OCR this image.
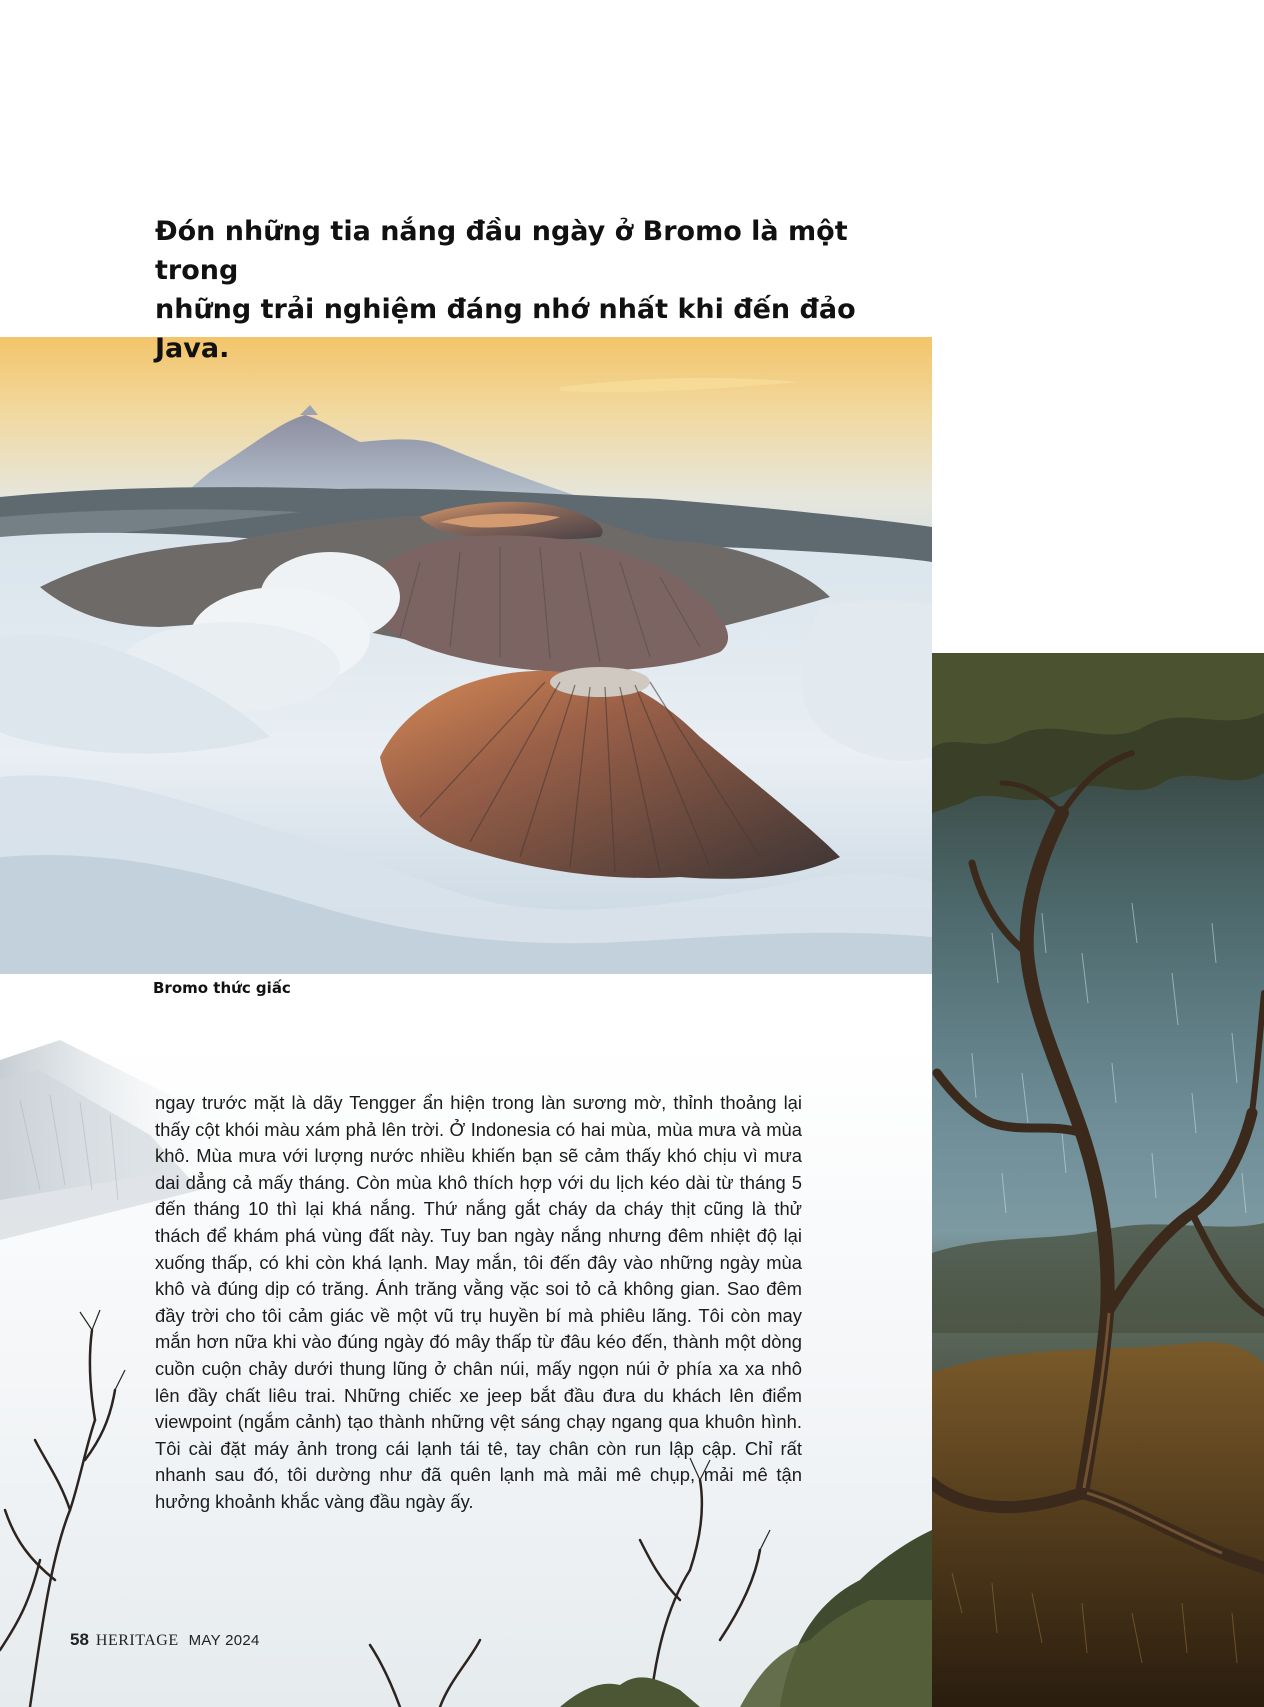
Đón những tia nắng đầu ngày ở Bromo là một trong
những trải nghiệm đáng nhớ nhất khi đến đảo Java.

Bromo thức giấc

ngay trước mặt là dãy Tengger ẩn hiện trong làn sương mờ, thỉnh thoảng lại thấy cột khói màu xám phả lên trời. Ở Indonesia có hai mùa, mùa mưa và mùa khô. Mùa mưa với lượng nước nhiều khiến bạn sẽ cảm thấy khó chịu vì mưa dai dẳng cả mấy tháng. Còn mùa khô thích hợp với du lịch kéo dài từ tháng 5 đến tháng 10 thì lại khá nắng. Thứ nắng gắt cháy da cháy thịt cũng là thử thách để khám phá vùng đất này. Tuy ban ngày nắng nhưng đêm nhiệt độ lại xuống thấp, có khi còn khá lạnh. May mắn, tôi đến đây vào những ngày mùa khô và đúng dịp có trăng. Ánh trăng vằng vặc soi tỏ cả không gian. Sao đêm đầy trời cho tôi cảm giác về một vũ trụ huyền bí mà phiêu lãng. Tôi còn may mắn hơn nữa khi vào đúng ngày đó mây thấp từ đâu kéo đến, thành một dòng cuồn cuộn chảy dưới thung lũng ở chân núi, mấy ngọn núi ở phía xa xa nhô lên đầy chất liêu trai. Những chiếc xe jeep bắt đầu đưa du khách lên điểm viewpoint (ngắm cảnh) tạo thành những vệt sáng chạy ngang qua khuôn hình. Tôi cài đặt máy ảnh trong cái lạnh tái tê, tay chân còn run lập cập. Chỉ rất nhanh sau đó, tôi dường như đã quên lạnh mà mải mê chụp, mải mê tận hưởng khoảnh khắc vàng đầu ngày ấy.

58 HERITAGE MAY 2024
